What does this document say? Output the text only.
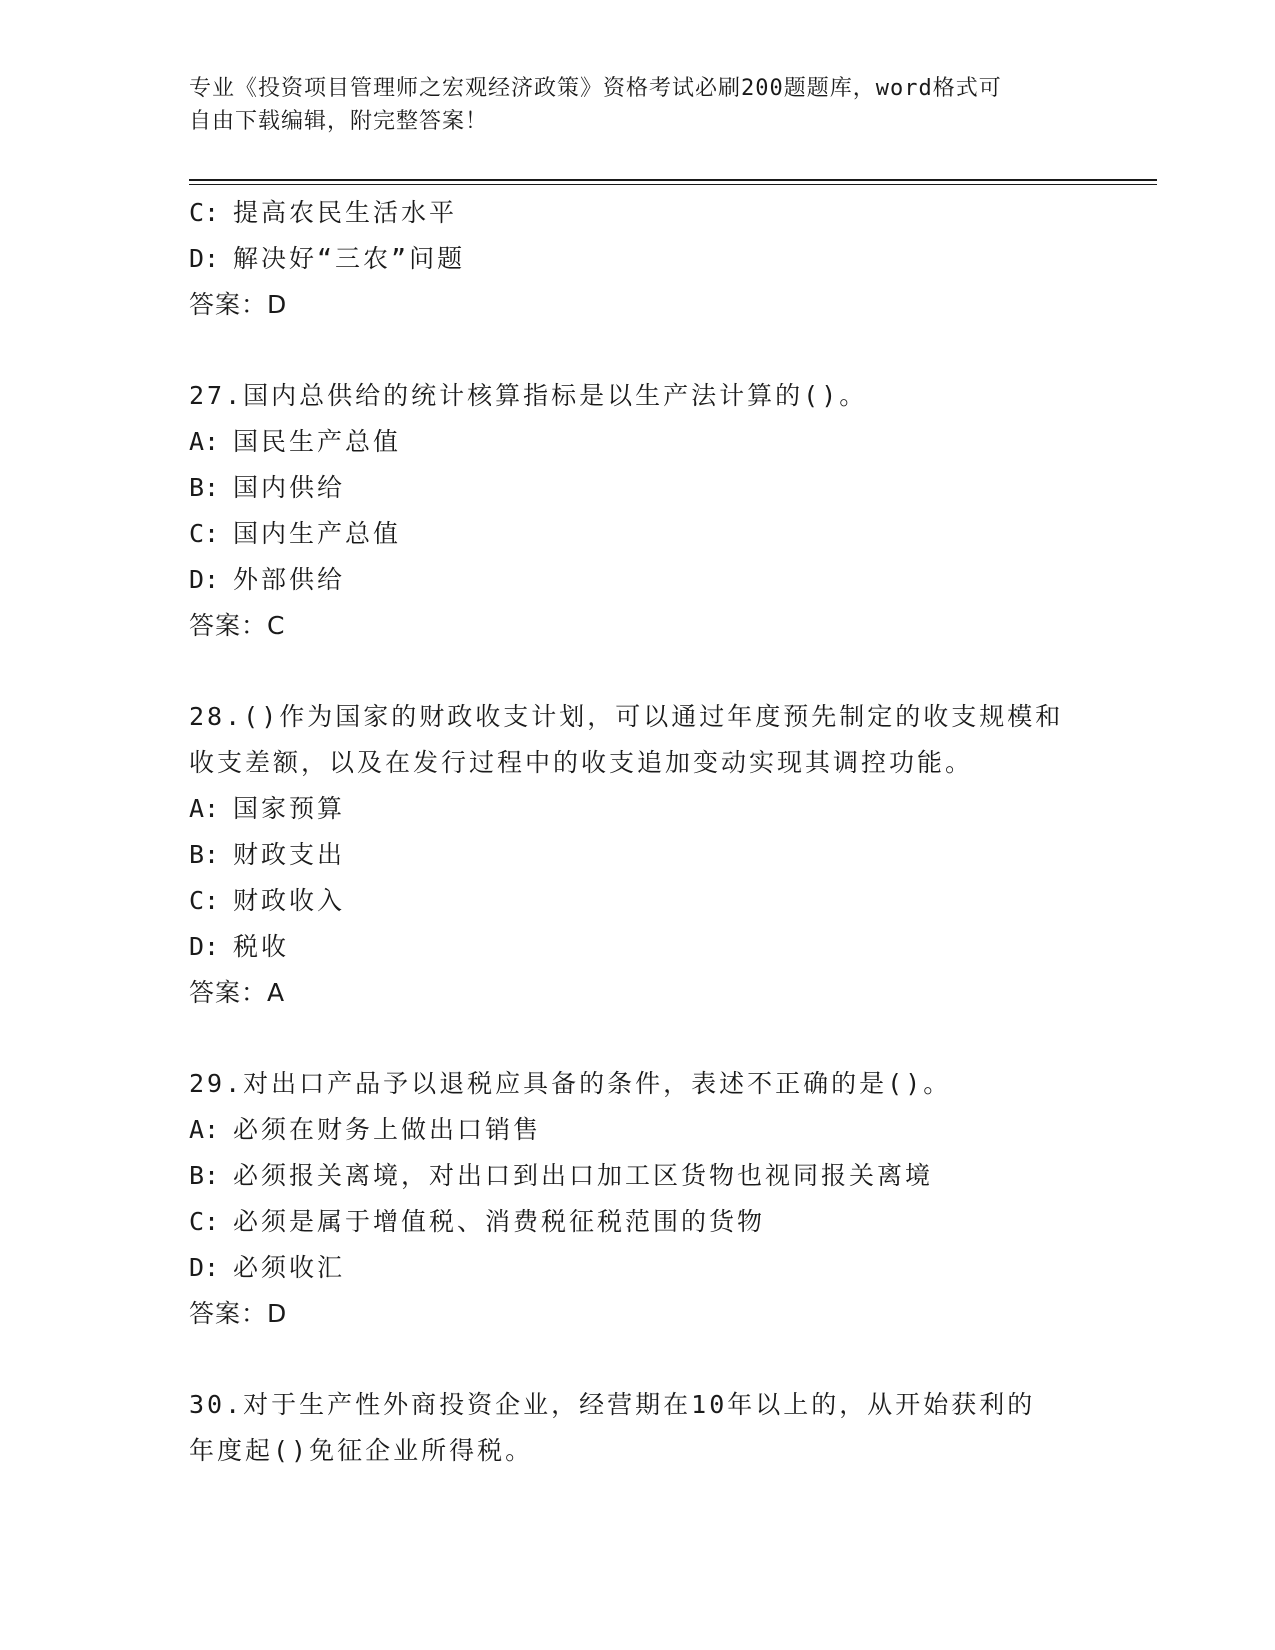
专业《投资项目管理师之宏观经济政策》资格考试必刷200题题库，word格式可
自由下载编辑，附完整答案！
C: 提高农民生活水平
D: 解决好“三农”问题
答案：D
27.国内总供给的统计核算指标是以生产法计算的()。
A: 国民生产总值
B: 国内供给
C: 国内生产总值
D: 外部供给
答案：C
28.()作为国家的财政收支计划，可以通过年度预先制定的收支规模和
收支差额，以及在发行过程中的收支追加变动实现其调控功能。
A: 国家预算
B: 财政支出
C: 财政收入
D: 税收
答案：A
29.对出口产品予以退税应具备的条件，表述不正确的是()。
A: 必须在财务上做出口销售
B: 必须报关离境，对出口到出口加工区货物也视同报关离境
C: 必须是属于增值税、消费税征税范围的货物
D: 必须收汇
答案：D
30.对于生产性外商投资企业，经营期在10年以上的，从开始获利的
年度起()免征企业所得税。
